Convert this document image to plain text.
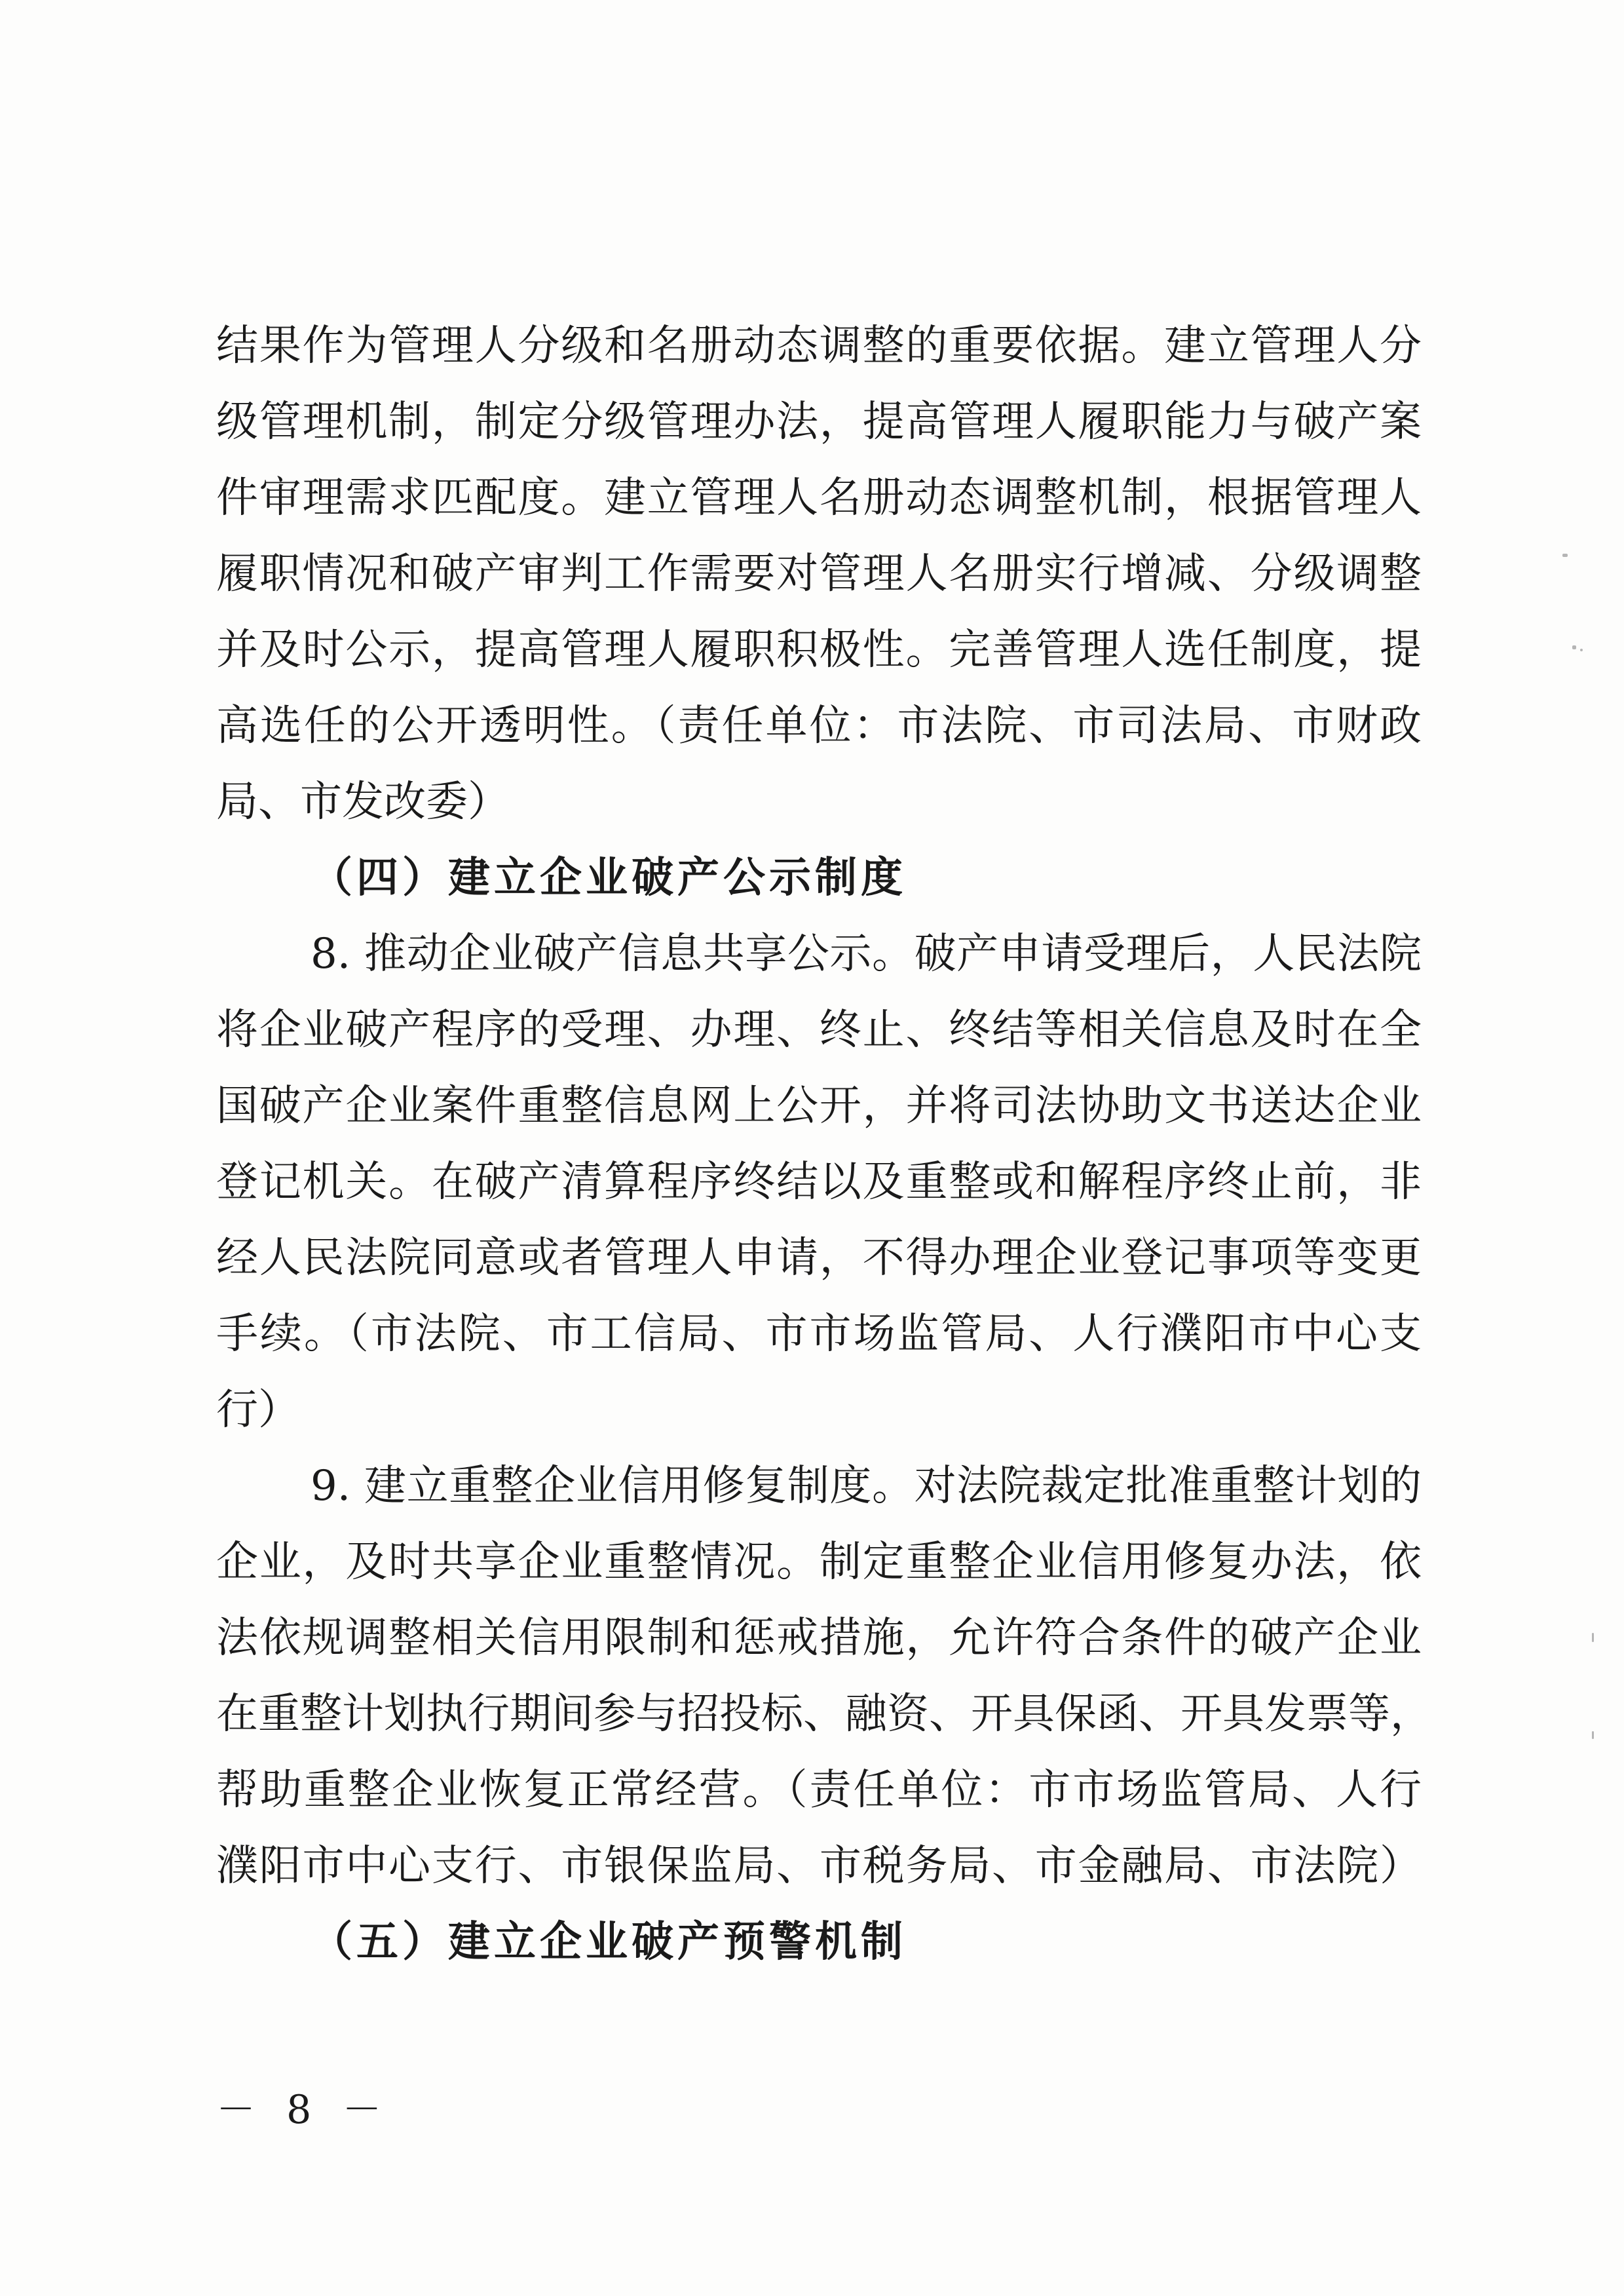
结果作为管理人分级和名册动态调整的重要依据。建立管理人分
级管理机制，制定分级管理办法，提高管理人履职能力与破产案
件审理需求匹配度。建立管理人名册动态调整机制，根据管理人
履职情况和破产审判工作需要对管理人名册实行增减、分级调整
并及时公示，提高管理人履职积极性。完善管理人选任制度，提
高选任的公开透明性。（责任单位：市法院、市司法局、市财政
局、市发改委）
（四）建立企业破产公示制度
8. 推动企业破产信息共享公示。破产申请受理后，人民法院
将企业破产程序的受理、办理、终止、终结等相关信息及时在全
国破产企业案件重整信息网上公开，并将司法协助文书送达企业
登记机关。在破产清算程序终结以及重整或和解程序终止前，非
经人民法院同意或者管理人申请，不得办理企业登记事项等变更
手续。（市法院、市工信局、市市场监管局、人行濮阳市中心支
行）
9. 建立重整企业信用修复制度。对法院裁定批准重整计划的
企业，及时共享企业重整情况。制定重整企业信用修复办法，依
法依规调整相关信用限制和惩戒措施，允许符合条件的破产企业
在重整计划执行期间参与招投标、融资、开具保函、开具发票等，
帮助重整企业恢复正常经营。（责任单位：市市场监管局、人行
濮阳市中心支行、市银保监局、市税务局、市金融局、市法院）
（五）建立企业破产预警机制
－ 8 －
